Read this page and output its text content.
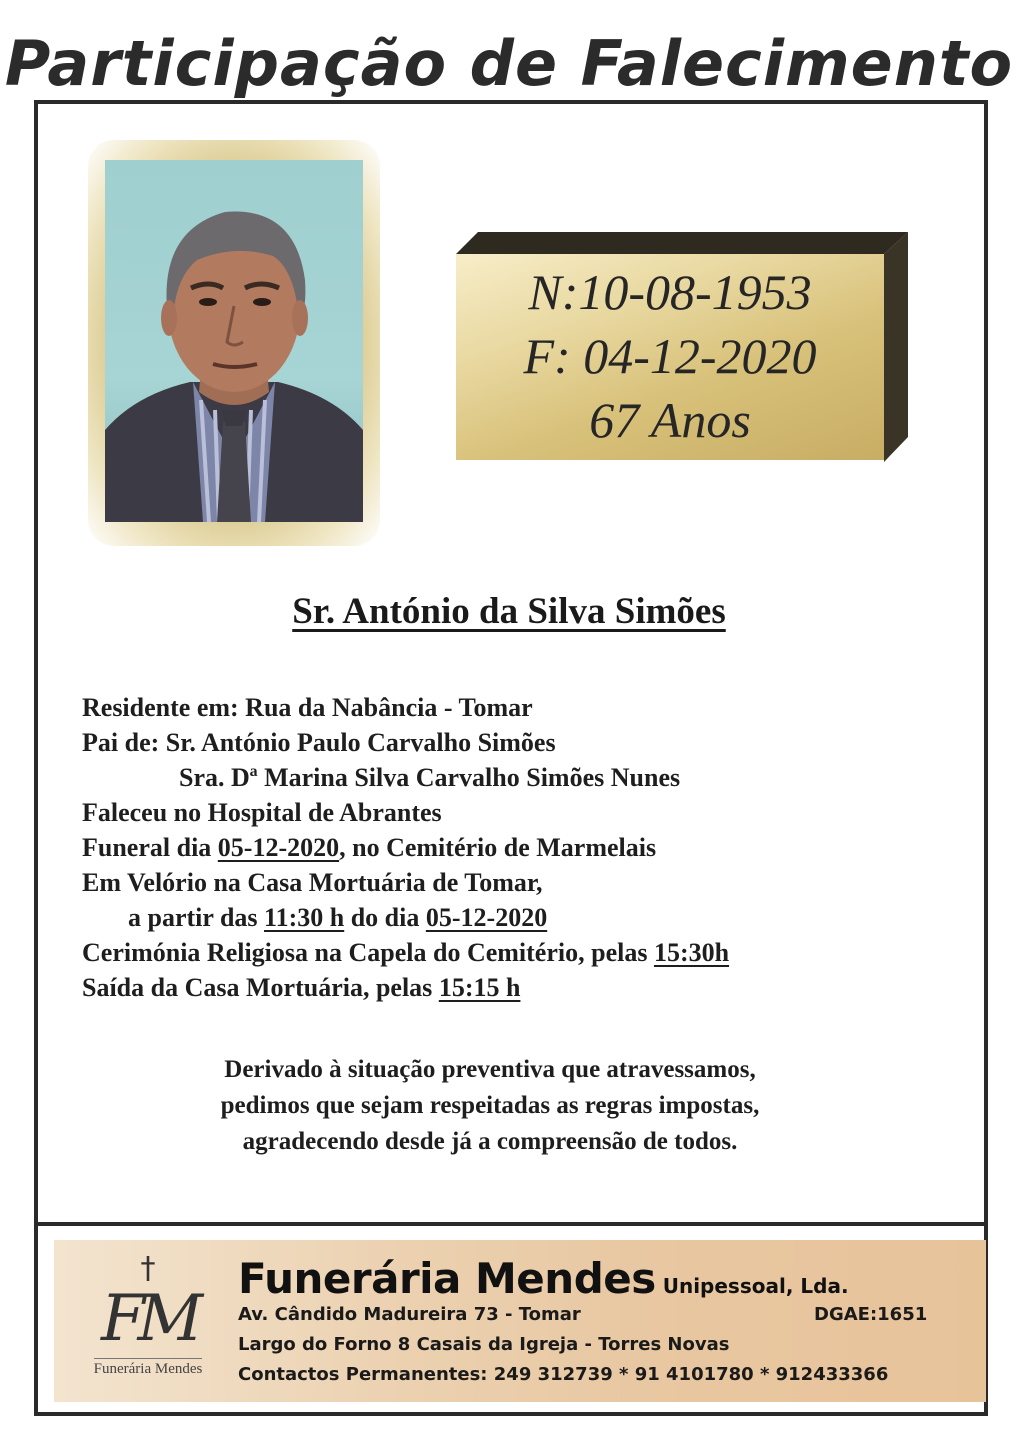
Participação de Falecimento
N:10-08-1953
F: 04-12-2020
67 Anos
Sr. António da Silva Simões
Residente em: Rua da Nabância - Tomar
Pai de: Sr. António Paulo Carvalho Simões
Sra. Dª Marina Silva Carvalho Simões Nunes
Faleceu no Hospital de Abrantes
Funeral dia 05-12-2020, no Cemitério de Marmelais
Em Velório na Casa Mortuária de Tomar,
a partir das 11:30 h do dia 05-12-2020
Cerimónia Religiosa na Capela do Cemitério, pelas 15:30h
Saída da Casa Mortuária, pelas 15:15 h
Derivado à situação preventiva que atravessamos,
pedimos que sejam respeitadas as regras impostas,
agradecendo desde já a compreensão de todos.
†
FM
Funerária Mendes
Funerária Mendes Unipessoal, Lda.
Av. Cândido Madureira 73 - Tomar	DGAE:1651
Largo do Forno 8 Casais da Igreja - Torres Novas
Contactos Permanentes: 249 312739 * 91 4101780 * 912433366
